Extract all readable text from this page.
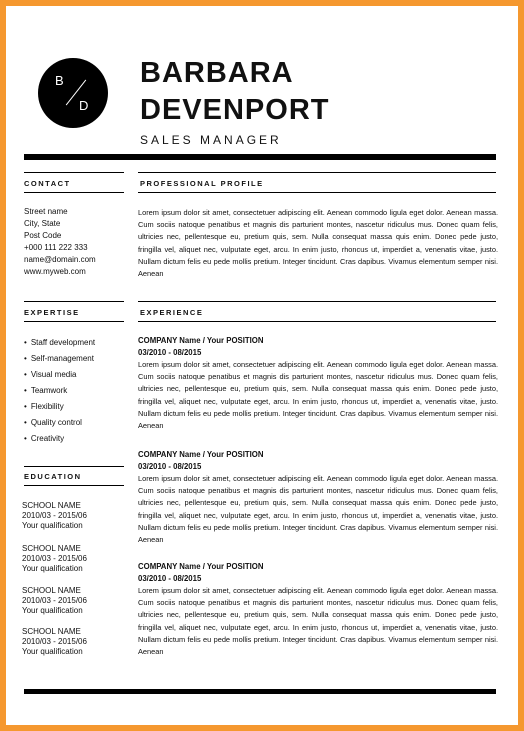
B
D
BARBARA
DEVENPORT
SALES MANAGER
CONTACT
Street name
City, State
Post Code
+000 111 222 333
name@domain.com
www.myweb.com
PROFESSIONAL PROFILE
Lorem ipsum dolor sit amet, consectetuer adipiscing elit. Aenean commodo ligula eget dolor. Aenean massa. Cum sociis natoque penatibus et magnis dis parturient montes, nascetur ridiculus mus. Donec quam felis, ultricies nec, pellentesque eu, pretium quis, sem. Nulla consequat massa quis enim. Donec pede justo, fringilla vel, aliquet nec, vulputate eget, arcu. In enim justo, rhoncus ut, imperdiet a, venenatis vitae, justo. Nullam dictum felis eu pede mollis pretium. Integer tincidunt. Cras dapibus. Vivamus elementum semper nisi. Aenean
EXPERTISE
• Staff development
• Self-management
• Visual media
• Teamwork
• Flexibility
• Quality control
• Creativity
EXPERIENCE
COMPANY Name / Your POSITION
03/2010 - 08/2015
Lorem ipsum dolor sit amet, consectetuer adipiscing elit. Aenean commodo ligula eget dolor. Aenean massa. Cum sociis natoque penatibus et magnis dis parturient montes, nascetur ridiculus mus. Donec quam felis, ultricies nec, pellentesque eu, pretium quis, sem. Nulla consequat massa quis enim. Donec pede justo, fringilla vel, aliquet nec, vulputate eget, arcu. In enim justo, rhoncus ut, imperdiet a, venenatis vitae, justo. Nullam dictum felis eu pede mollis pretium. Integer tincidunt. Cras dapibus. Vivamus elementum semper nisi. Aenean
COMPANY Name / Your POSITION
03/2010 - 08/2015
Lorem ipsum dolor sit amet, consectetuer adipiscing elit. Aenean commodo ligula eget dolor. Aenean massa. Cum sociis natoque penatibus et magnis dis parturient montes, nascetur ridiculus mus. Donec quam felis, ultricies nec, pellentesque eu, pretium quis, sem. Nulla consequat massa quis enim. Donec pede justo, fringilla vel, aliquet nec, vulputate eget, arcu. In enim justo, rhoncus ut, imperdiet a, venenatis vitae, justo. Nullam dictum felis eu pede mollis pretium. Integer tincidunt. Cras dapibus. Vivamus elementum semper nisi. Aenean
COMPANY Name / Your POSITION
03/2010 - 08/2015
Lorem ipsum dolor sit amet, consectetuer adipiscing elit. Aenean commodo ligula eget dolor. Aenean massa. Cum sociis natoque penatibus et magnis dis parturient montes, nascetur ridiculus mus. Donec quam felis, ultricies nec, pellentesque eu, pretium quis, sem. Nulla consequat massa quis enim. Donec pede justo, fringilla vel, aliquet nec, vulputate eget, arcu. In enim justo, rhoncus ut, imperdiet a, venenatis vitae, justo. Nullam dictum felis eu pede mollis pretium. Integer tincidunt. Cras dapibus. Vivamus elementum semper nisi. Aenean
EDUCATION
SCHOOL NAME
2010/03 - 2015/06
Your qualification
SCHOOL NAME
2010/03 - 2015/06
Your qualification
SCHOOL NAME
2010/03 - 2015/06
Your qualification
SCHOOL NAME
2010/03 - 2015/06
Your qualification
